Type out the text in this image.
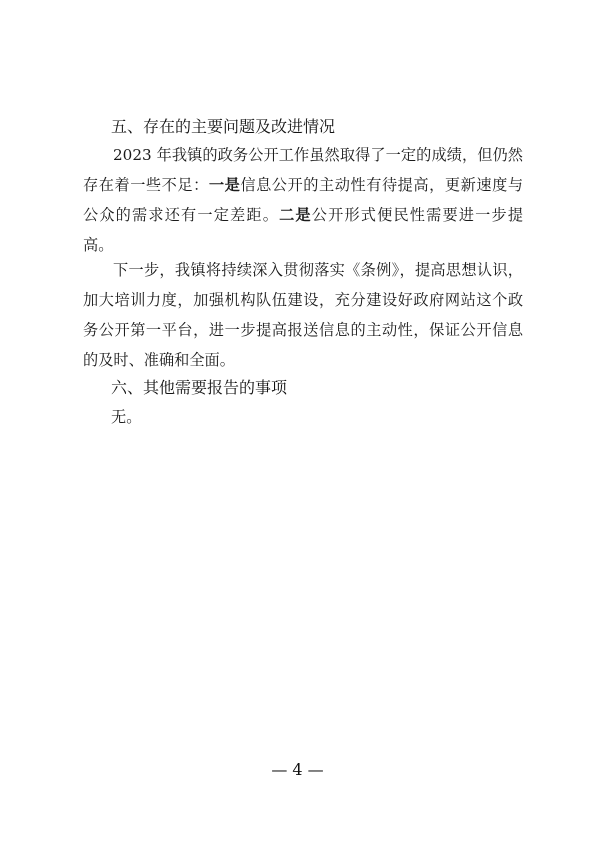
五、存在的主要问题及改进情况

2023 年我镇的政务公开工作虽然取得了一定的成绩，但仍然存在着一些不足：一是信息公开的主动性有待提高，更新速度与公众的需求还有一定差距。二是公开形式便民性需要进一步提高。

下一步，我镇将持续深入贯彻落实《条例》，提高思想认识，加大培训力度，加强机构队伍建设，充分建设好政府网站这个政务公开第一平台，进一步提高报送信息的主动性，保证公开信息的及时、准确和全面。

六、其他需要报告的事项
无。
— 4 —
